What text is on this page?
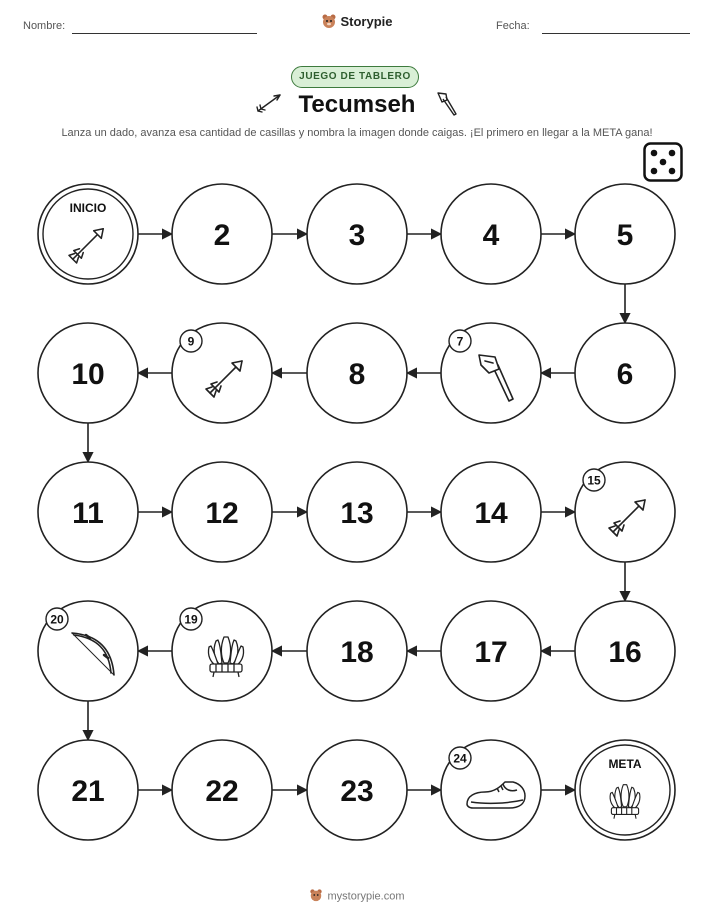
Nombre:	Storypie	Fecha:
JUEGO DE TABLERO
Tecumseh
Lanza un dado, avanza esa cantidad de casillas y nombra la imagen donde caigas. ¡El primero en llegar a la META gana!
INICIO
2	3	4	5
6
7
8
9
10
11	12	13	14
15
16
17
18
19
20
21	22	23
24	META
mystorypie.com
